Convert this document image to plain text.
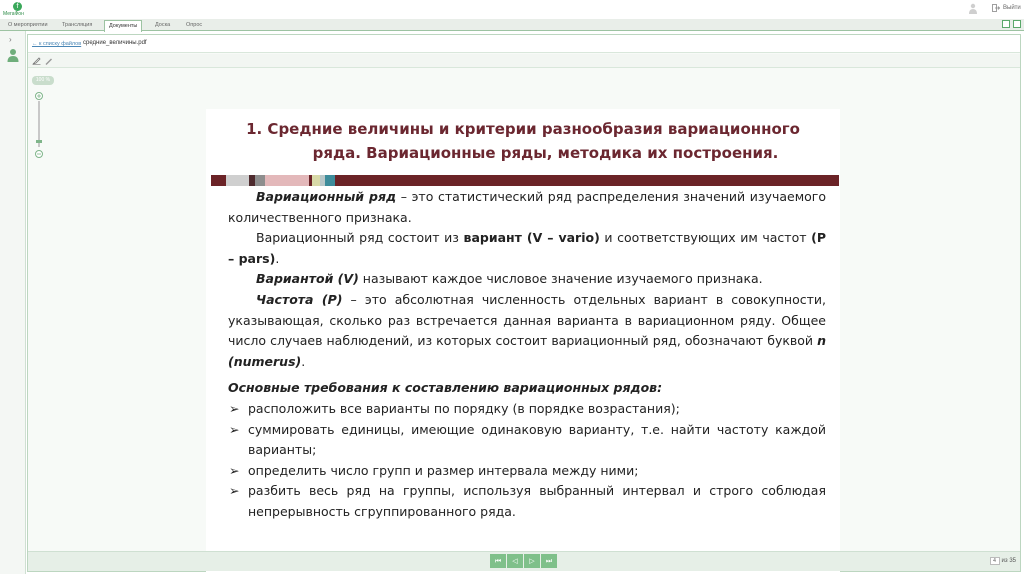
f
МегаФон
Выйти
О мероприятии	Трансляция	Документы	Доска	Опрос
›	← к списку файлов средние_величины.pdf
100 %
1. Средние величины и критерии разнообразия вариационного
ряда. Вариационные ряды, методика их построения.

Вариационный ряд – это статистический ряд распределения значений изучаемого количественного признака.

Вариационный ряд состоит из вариант (V – vario) и соответствующих им частот (P – pars).

Вариантой (V) называют каждое числовое значение изучаемого признака.

Частота (P) – это абсолютная численность отдельных вариант в совокупности, указывающая, сколько раз встречается данная варианта в вариационном ряду. Общее число случаев наблюдений, из которых состоит вариационный ряд, обозначают буквой n (numerus).

Основные требования к составлению вариационных рядов:

➢ расположить все варианты по порядку (в порядке возрастания);
➢ суммировать единицы, имеющие одинаковую варианту, т.е. найти частоту каждой варианты;
➢ определить число групп и размер интервала между ними;
➢ разбить весь ряд на группы, используя выбранный интервал и строго соблюдая непрерывность сгруппированного ряда.
⏮	◁	▷	⏭	4 из 35
